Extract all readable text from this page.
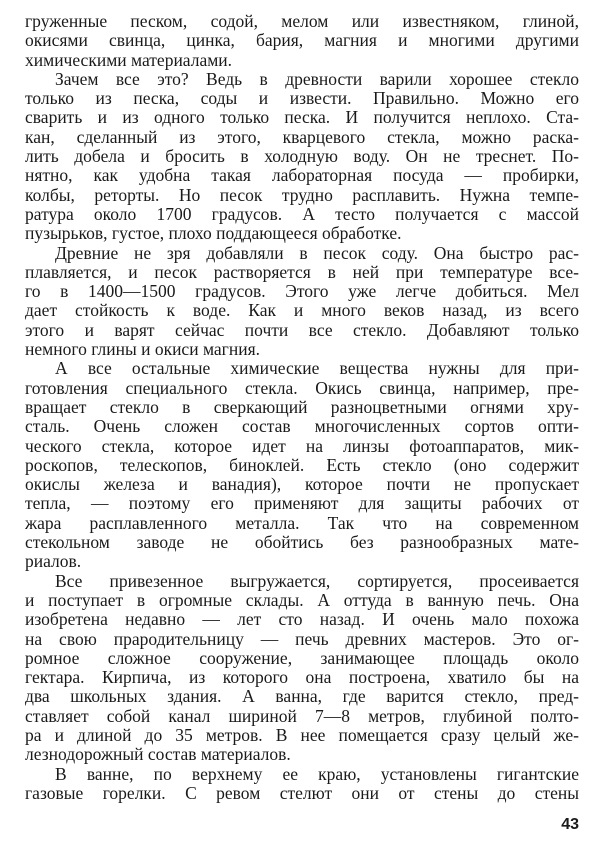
груженные песком, содой, мелом или известняком, глиной,
окисями свинца, цинка, бария, магния и многими другими
химическими материалами.
Зачем все это? Ведь в древности варили хорошее стекло
только из песка, соды и извести. Правильно. Можно его
сварить и из одного только песка. И получится неплохо. Ста-
кан, сделанный из этого, кварцевого стекла, можно раска-
лить добела и бросить в холодную воду. Он не треснет. По-
нятно, как удобна такая лабораторная посуда — пробирки,
колбы, реторты. Но песок трудно расплавить. Нужна темпе-
ратура около 1700 градусов. А тесто получается с массой
пузырьков, густое, плохо поддающееся обработке.
Древние не зря добавляли в песок соду. Она быстро рас-
плавляется, и песок растворяется в ней при температуре все-
го в 1400—1500 градусов. Этого уже легче добиться. Мел
дает стойкость к воде. Как и много веков назад, из всего
этого и варят сейчас почти все стекло. Добавляют только
немного глины и окиси магния.
А все остальные химические вещества нужны для при-
готовления специального стекла. Окись свинца, например, пре-
вращает стекло в сверкающий разноцветными огнями хру-
сталь. Очень сложен состав многочисленных сортов опти-
ческого стекла, которое идет на линзы фотоаппаратов, мик-
роскопов, телескопов, биноклей. Есть стекло (оно содержит
окислы железа и ванадия), которое почти не пропускает
тепла, — поэтому его применяют для защиты рабочих от
жара расплавленного металла. Так что на современном
стекольном заводе не обойтись без разнообразных мате-
риалов.
Все привезенное выгружается, сортируется, просеивается
и поступает в огромные склады. А оттуда в ванную печь. Она
изобретена недавно — лет сто назад. И очень мало похожа
на свою прародительницу — печь древних мастеров. Это ог-
ромное сложное сооружение, занимающее площадь около
гектара. Кирпича, из которого она построена, хватило бы на
два школьных здания. А ванна, где варится стекло, пред-
ставляет собой канал шириной 7—8 метров, глубиной полто-
ра и длиной до 35 метров. В нее помещается сразу целый же-
лезнодорожный состав материалов.
В ванне, по верхнему ее краю, установлены гигантские
газовые горелки. С ревом стелют они от стены до стены
43
